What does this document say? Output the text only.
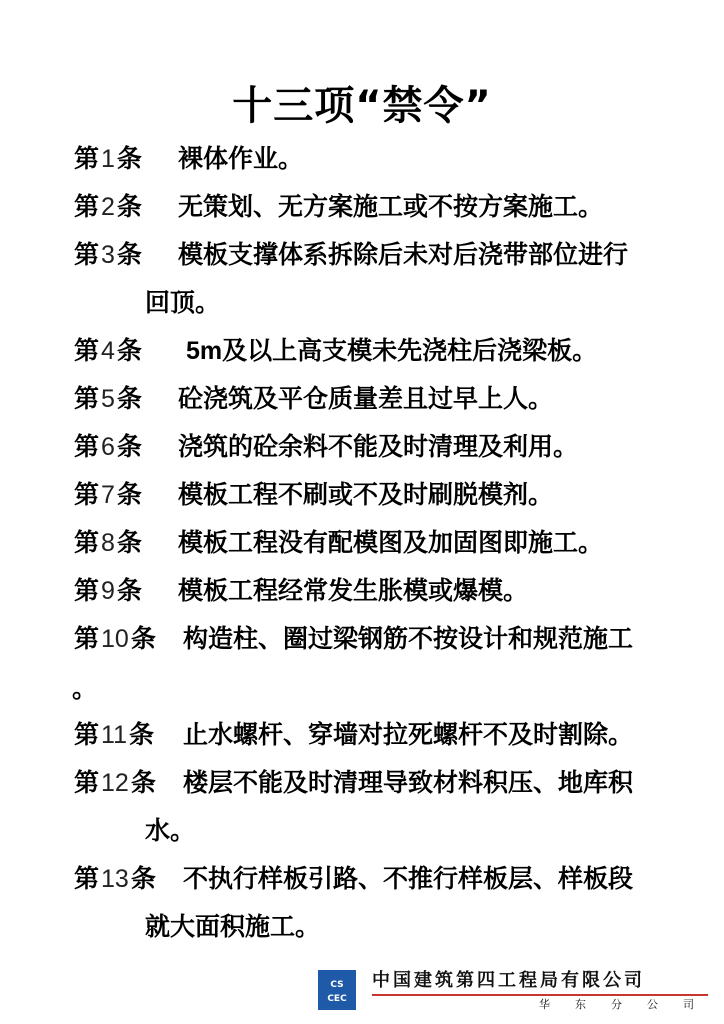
十三项“禁令”
第1条 裸体作业。
第2条 无策划、无方案施工或不按方案施工。
第3条 模板支撑体系拆除后未对后浇带部位进行
回顶。
第4条 5m及以上高支模未先浇柱后浇梁板。
第5条 砼浇筑及平仓质量差且过早上人。
第6条 浇筑的砼余料不能及时清理及利用。
第7条 模板工程不刷或不及时刷脱模剂。
第8条 模板工程没有配模图及加固图即施工。
第9条 模板工程经常发生胀模或爆模。
第10条 构造柱、圈过梁钢筋不按设计和规范施工
。
第11条 止水螺杆、穿墙对拉死螺杆不及时割除。
第12条 楼层不能及时清理导致材料积压、地库积
水。
第13条 不执行样板引路、不推行样板层、样板段
就大面积施工。
CS
CEC
中国建筑第四工程局有限公司
华东分公司
